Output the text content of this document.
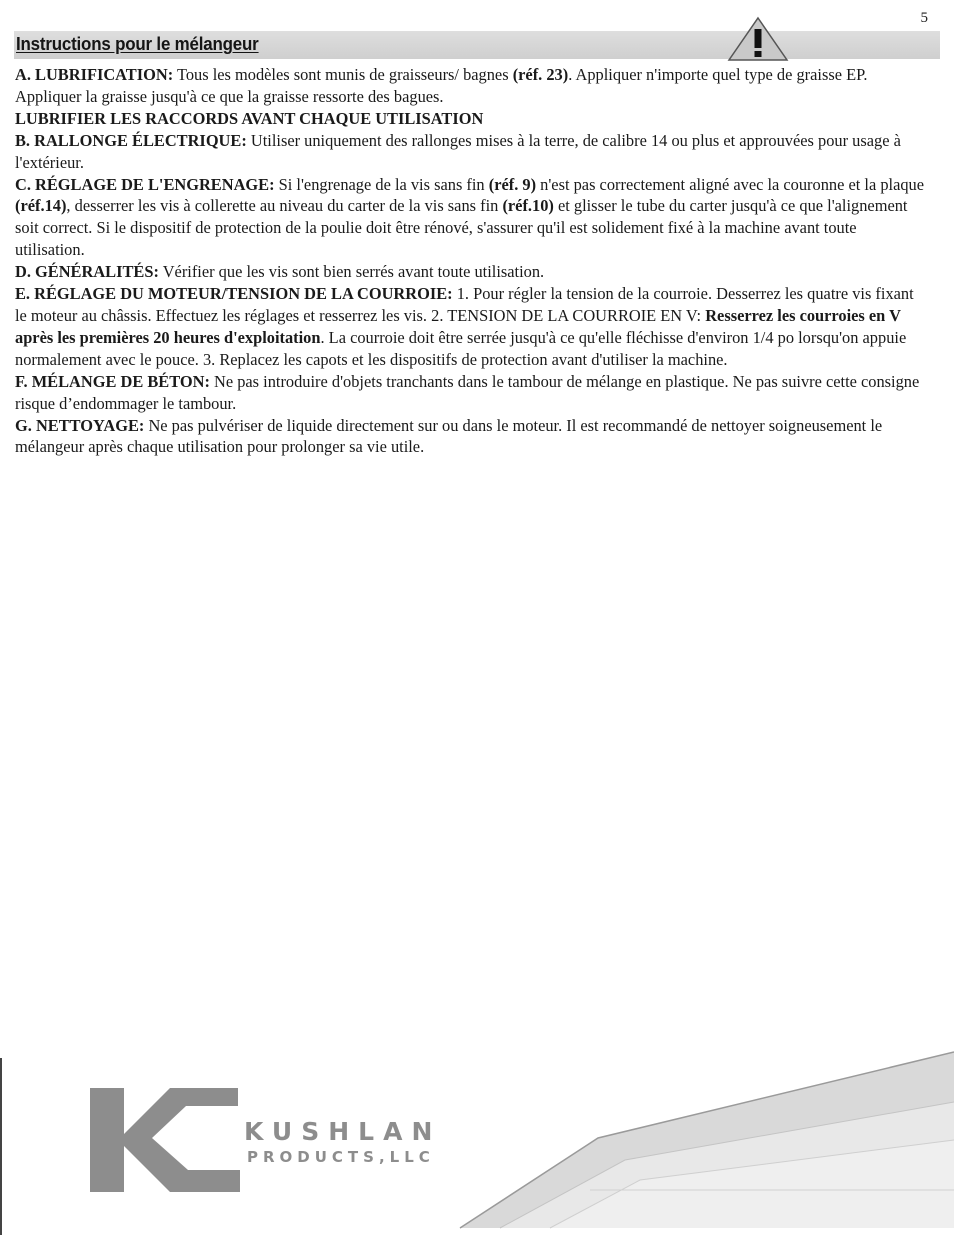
5
Instructions pour le mélangeur

A. LUBRIFICATION: Tous les modèles sont munis de graisseurs/ bagnes (réf. 23). Appliquer n'importe quel type de graisse EP. Appliquer la graisse jusqu'à ce que la graisse ressorte des bagues.

LUBRIFIER LES RACCORDS AVANT CHAQUE UTILISATION

B. RALLONGE ÉLECTRIQUE: Utiliser uniquement des rallonges mises à la terre, de calibre 14 ou plus et approuvées pour usage à l'extérieur.

C. RÉGLAGE DE L'ENGRENAGE: Si l'engrenage de la vis sans fin (réf. 9) n'est pas correctement aligné avec la couronne et la plaque (réf.14), desserrer les vis à collerette au niveau du carter de la vis sans fin (réf.10) et glisser le tube du carter jusqu'à ce que l'alignement soit correct. Si le dispositif de protection de la poulie doit être rénové, s'assurer qu'il est solidement fixé à la machine avant toute utilisation.

D. GÉNÉRALITÉS: Vérifier que les vis sont bien serrés avant toute utilisation.

E. RÉGLAGE DU MOTEUR/TENSION DE LA COURROIE: 1. Pour régler la tension de la courroie. Desserrez les quatre vis fixant le moteur au châssis. Effectuez les réglages et resserrez les vis. 2. TENSION DE LA COURROIE EN V: Resserrez les courroies en V après les premières 20 heures d'exploitation. La courroie doit être serrée jusqu'à ce qu'elle fléchisse d'environ 1/4 po lorsqu'on appuie normalement avec le pouce. 3. Replacez les capots et les dispositifs de protection avant d'utiliser la machine.

F. MÉLANGE DE BÉTON: Ne pas introduire d'objets tranchants dans le tambour de mélange en plastique. Ne pas suivre cette consigne risque d’endommager le tambour.

G. NETTOYAGE: Ne pas pulvériser de liquide directement sur ou dans le moteur. Il est recommandé de nettoyer soigneusement le mélangeur après chaque utilisation pour prolonger sa vie utile.

KUSHLAN
PRODUCTS,LLC
